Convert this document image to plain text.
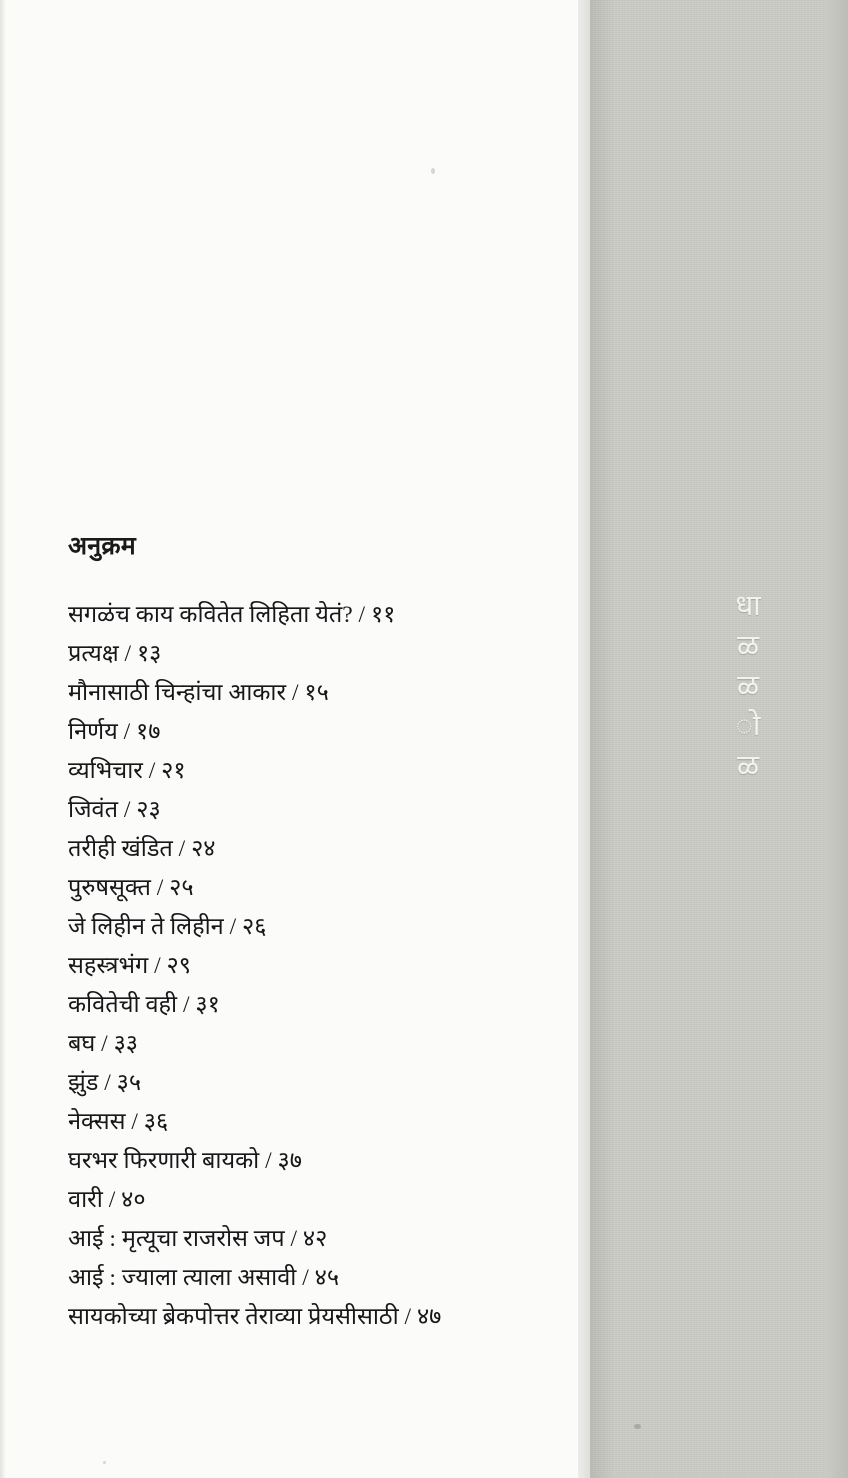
अनुक्रम
सगळंच काय कवितेत लिहिता येतं? / ११
प्रत्यक्ष / १३
मौनासाठी चिन्हांचा आकार / १५
निर्णय / १७
व्यभिचार / २१
जिवंत / २३
तरीही खंडित / २४
पुरुषसूक्त / २५
जे लिहीन ते लिहीन / २६
सहस्त्रभंग / २९
कवितेची वही / ३१
बघ / ३३
झुंड / ३५
नेक्सस / ३६
घरभर फिरणारी बायको / ३७
वारी / ४०
आई : मृत्यूचा राजरोस जप / ४२
आई : ज्याला त्याला असावी / ४५
सायकोच्या ब्रेकपोत्तर तेराव्या प्रेयसीसाठी / ४७
धा
ळ
ळ
ो
ळ
